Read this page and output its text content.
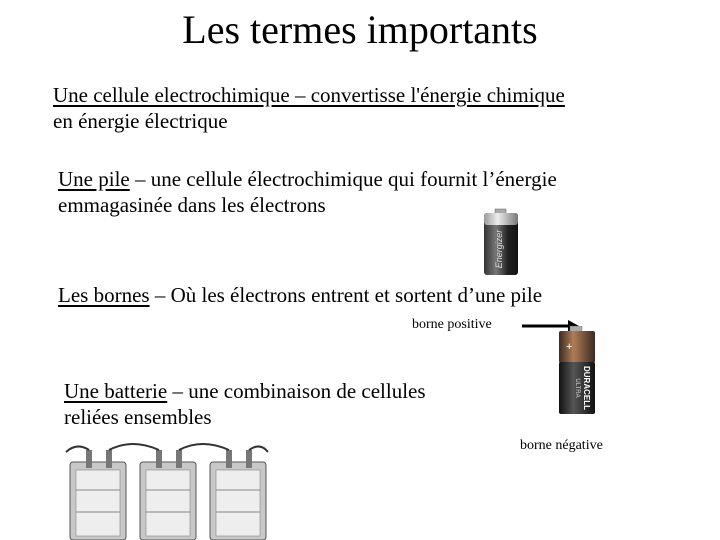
Les termes importants
Une cellule electrochimique – convertisse l'énergie chimique
en énergie électrique
Une pile – une cellule électrochimique qui fournit l’énergie
emmagasinée dans les électrons
Energizer
Les bornes – Où les électrons entrent et sortent d’une pile
borne positive
+
DURACELL
ULTRA
Une batterie – une combinaison de cellules
reliées ensembles
borne négative
